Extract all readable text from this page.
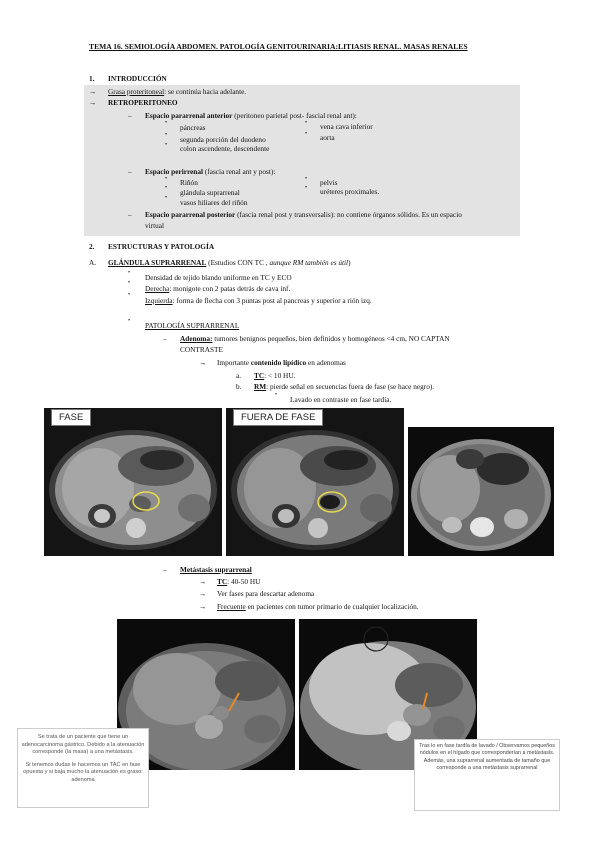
TEMA 16. SEMIOLOGÍA ABDOMEN. PATOLOGÍA GENITOURINARIA:LITIASIS RENAL. MASAS RENALES
1. INTRODUCCIÓN
→ Grasa proteritoneal: se continúa hacia adelante.
→ RETROPERITONEO
– Espacio pararrenal anterior (peritoneo parietal post- fascial renal ant):
• páncreas
• segunda porción del duodeno
• colon ascendente, descendente
• vena cava inferior
• aorta
– Espacio perirrenal (fascia renal ant y post):
• Riñón
• glándula suprarrenal
• vasos hiliares del riñón
• pelvis
• uréteres proximales.
– Espacio pararrenal posterior (fascia renal post y transversalis): no contiene órganos sólidos. Es un espacio
virtual
2. ESTRUCTURAS Y PATOLOGÍA
A. GLÁNDULA SUPRARRENAL (Estudios CON TC , aunque RM también es útil)
• Densidad de tejido blando uniforme en TC y ECO
•
Derecha: monigote con 2 patas detrás de cava inf.
•
Izquierda: forma de flecha con 3 puntas post al pancreas y superior a rión izq.
• PATOLOGÍA SUPRARRENAL
– Adenoma: tumores benignos pequeños, bien definidos y homogéneos <4 cm, NO CAPTAN
CONTRASTE
→ Importante contenido lipídico en adenomas
a. TC: < 10 HU.
b. RM: pierde señal en secuencias fuera de fase (se hace negro).
• Lavado en contraste en fase tardía.
FASE	FUERA DE FASE
– Metástasis suprarrenal
→ TC: 40-50 HU
→ Ver fases para descartar adenoma
→ Frecuente en pacientes con tumor primario de cualquier localización.
Se trata de un paciente que tiene un adenocarcinoma gástrico. Debido a la atenuación corresponde (la masa) a una metástasis.
Si tenemos dudas le hacemos un TAC en fase opuesta y si baja mucho la atenuación es graso: adenoma
Tras lo en fase tardía de lavado / Observamos pequeños nódulos en el hígado que corresponderían a metástasis. Además, una suprarrenal aumentada de tamaño que corresponde a una metástasis suprarrenal
